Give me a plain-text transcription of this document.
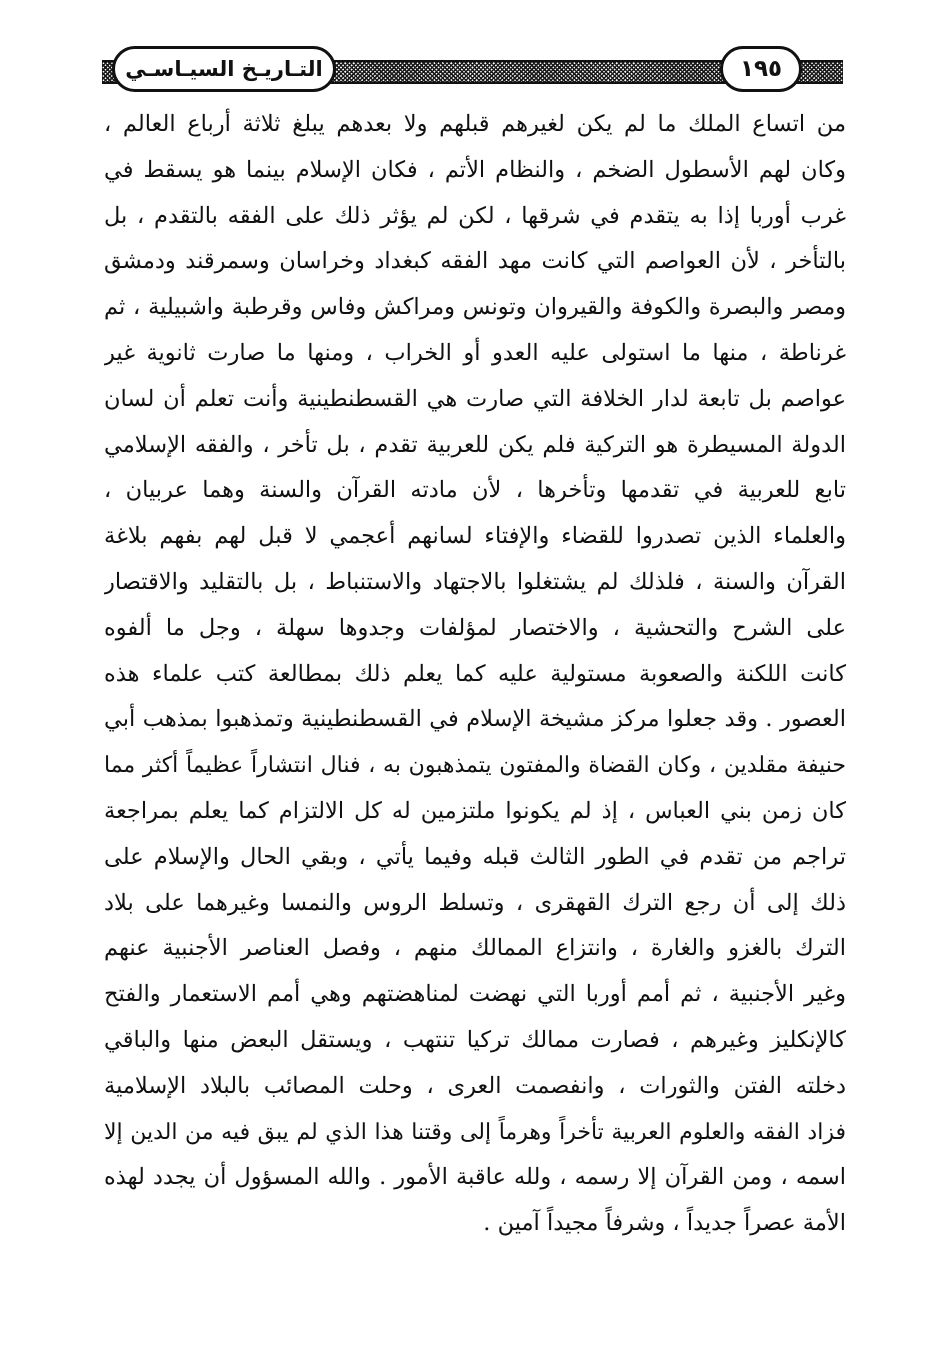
التـاريـخ السيـاسـي	١٩٥
من اتساع الملك ما لم يكن لغيرهم قبلهم ولا بعدهم يبلغ ثلاثة أرباع العالم ،
وكان لهم الأسطول الضخم ، والنظام الأتم ، فكان الإسلام بينما هو يسقط في
غرب أوربا إذا به يتقدم في شرقها ، لكن لم يؤثر ذلك على الفقه بالتقدم ، بل
بالتأخر ، لأن العواصم التي كانت مهد الفقه كبغداد وخراسان وسمرقند ودمشق
ومصر والبصرة والكوفة والقيروان وتونس ومراكش وفاس وقرطبة واشبيلية ، ثم
غرناطة ، منها ما استولى عليه العدو أو الخراب ، ومنها ما صارت ثانوية غير
عواصم بل تابعة لدار الخلافة التي صارت هي القسطنطينية وأنت تعلم أن لسان
الدولة المسيطرة هو التركية فلم يكن للعربية تقدم ، بل تأخر ، والفقه الإسلامي
تابع للعربية في تقدمها وتأخرها ، لأن مادته القرآن والسنة وهما عربيان ،
والعلماء الذين تصدروا للقضاء والإفتاء لسانهم أعجمي لا قبل لهم بفهم بلاغة
القرآن والسنة ، فلذلك لم يشتغلوا بالاجتهاد والاستنباط ، بل بالتقليد والاقتصار
على الشرح والتحشية ، والاختصار لمؤلفات وجدوها سهلة ، وجل ما ألفوه
كانت اللكنة والصعوبة مستولية عليه كما يعلم ذلك بمطالعة كتب علماء هذه
العصور . وقد جعلوا مركز مشيخة الإسلام في القسطنطينية وتمذهبوا بمذهب أبي
حنيفة مقلدين ، وكان القضاة والمفتون يتمذهبون به ، فنال انتشاراً عظيماً أكثر مما
كان زمن بني العباس ، إذ لم يكونوا ملتزمين له كل الالتزام كما يعلم بمراجعة
تراجم من تقدم في الطور الثالث قبله وفيما يأتي ، وبقي الحال والإسلام على
ذلك إلى أن رجع الترك القهقرى ، وتسلط الروس والنمسا وغيرهما على بلاد
الترك بالغزو والغارة ، وانتزاع الممالك منهم ، وفصل العناصر الأجنبية عنهم
وغير الأجنبية ، ثم أمم أوربا التي نهضت لمناهضتهم وهي أمم الاستعمار والفتح
كالإنكليز وغيرهم ، فصارت ممالك تركيا تنتهب ، ويستقل البعض منها والباقي
دخلته الفتن والثورات ، وانفصمت العرى ، وحلت المصائب بالبلاد الإسلامية
فزاد الفقه والعلوم العربية تأخراً وهرماً إلى وقتنا هذا الذي لم يبق فيه من الدين إلا
اسمه ، ومن القرآن إلا رسمه ، ولله عاقبة الأمور . والله المسؤول أن يجدد لهذه
الأمة عصراً جديداً ، وشرفاً مجيداً آمين .
